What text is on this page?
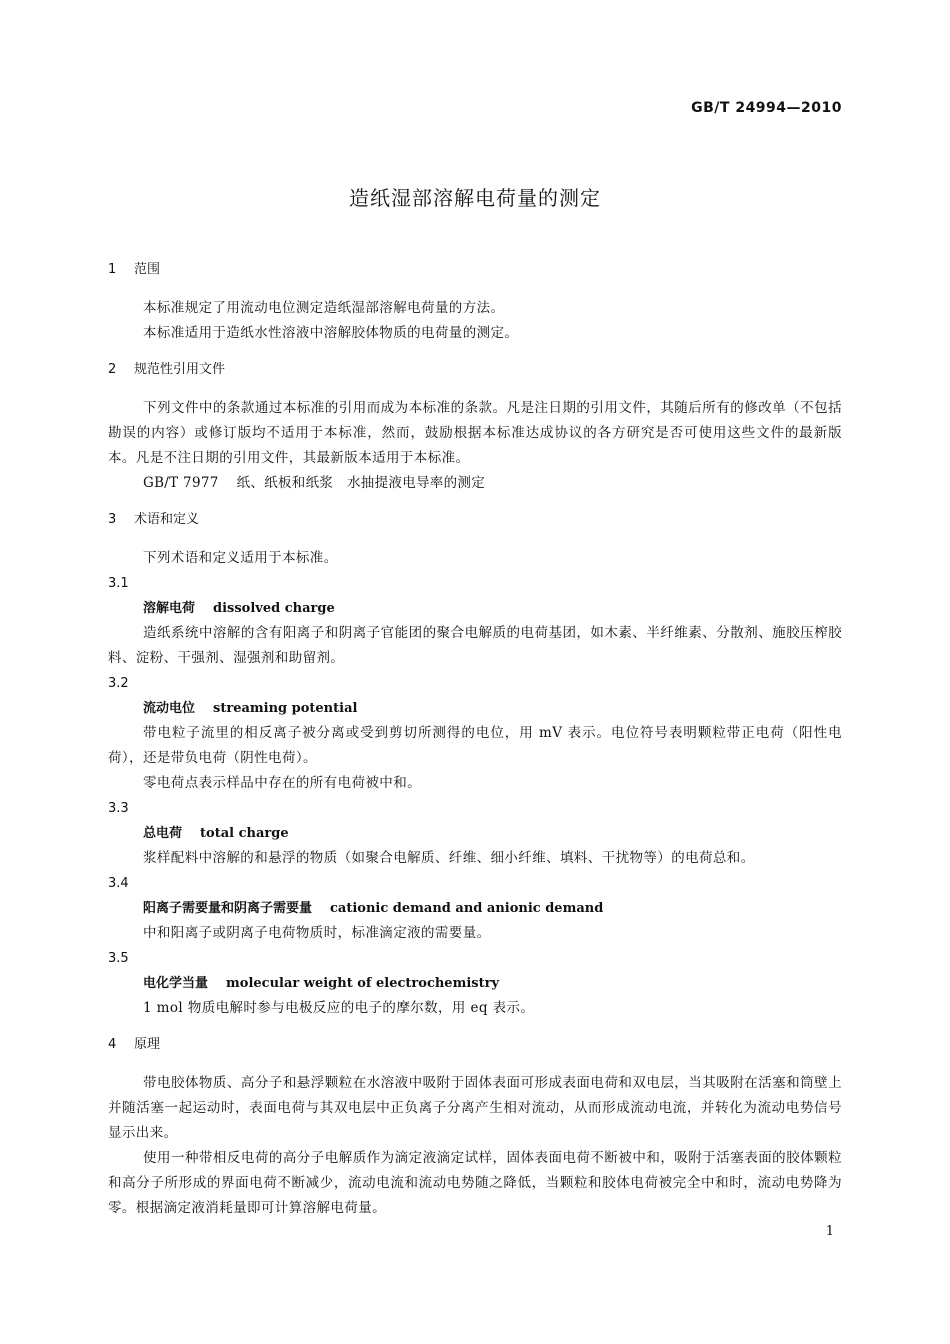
GB/T 24994—2010
造纸湿部溶解电荷量的测定
1 范围

本标准规定了用流动电位测定造纸湿部溶解电荷量的方法。

本标准适用于造纸水性溶液中溶解胶体物质的电荷量的测定。

2 规范性引用文件

下列文件中的条款通过本标准的引用而成为本标准的条款。凡是注日期的引用文件，其随后所有的修改单（不包括勘误的内容）或修订版均不适用于本标准，然而，鼓励根据本标准达成协议的各方研究是否可使用这些文件的最新版本。凡是不注日期的引用文件，其最新版本适用于本标准。

GB/T 7977 纸、纸板和纸浆　水抽提液电导率的测定

3 术语和定义

下列术语和定义适用于本标准。

3.1

溶解电荷 dissolved charge

造纸系统中溶解的含有阳离子和阴离子官能团的聚合电解质的电荷基团，如木素、半纤维素、分散剂、施胶压榨胶料、淀粉、干强剂、湿强剂和助留剂。

3.2

流动电位 streaming potential

带电粒子流里的相反离子被分离或受到剪切所测得的电位，用 mV 表示。电位符号表明颗粒带正电荷（阳性电荷），还是带负电荷（阴性电荷）。

零电荷点表示样品中存在的所有电荷被中和。

3.3

总电荷 total charge

浆样配料中溶解的和悬浮的物质（如聚合电解质、纤维、细小纤维、填料、干扰物等）的电荷总和。

3.4

阳离子需要量和阴离子需要量 cationic demand and anionic demand

中和阳离子或阴离子电荷物质时，标准滴定液的需要量。

3.5

电化学当量 molecular weight of electrochemistry

1 mol 物质电解时参与电极反应的电子的摩尔数，用 eq 表示。

4 原理

带电胶体物质、高分子和悬浮颗粒在水溶液中吸附于固体表面可形成表面电荷和双电层，当其吸附在活塞和筒壁上并随活塞一起运动时，表面电荷与其双电层中正负离子分离产生相对流动，从而形成流动电流，并转化为流动电势信号显示出来。

使用一种带相反电荷的高分子电解质作为滴定液滴定试样，固体表面电荷不断被中和，吸附于活塞表面的胶体颗粒和高分子所形成的界面电荷不断减少，流动电流和流动电势随之降低，当颗粒和胶体电荷被完全中和时，流动电势降为零。根据滴定液消耗量即可计算溶解电荷量。

1
